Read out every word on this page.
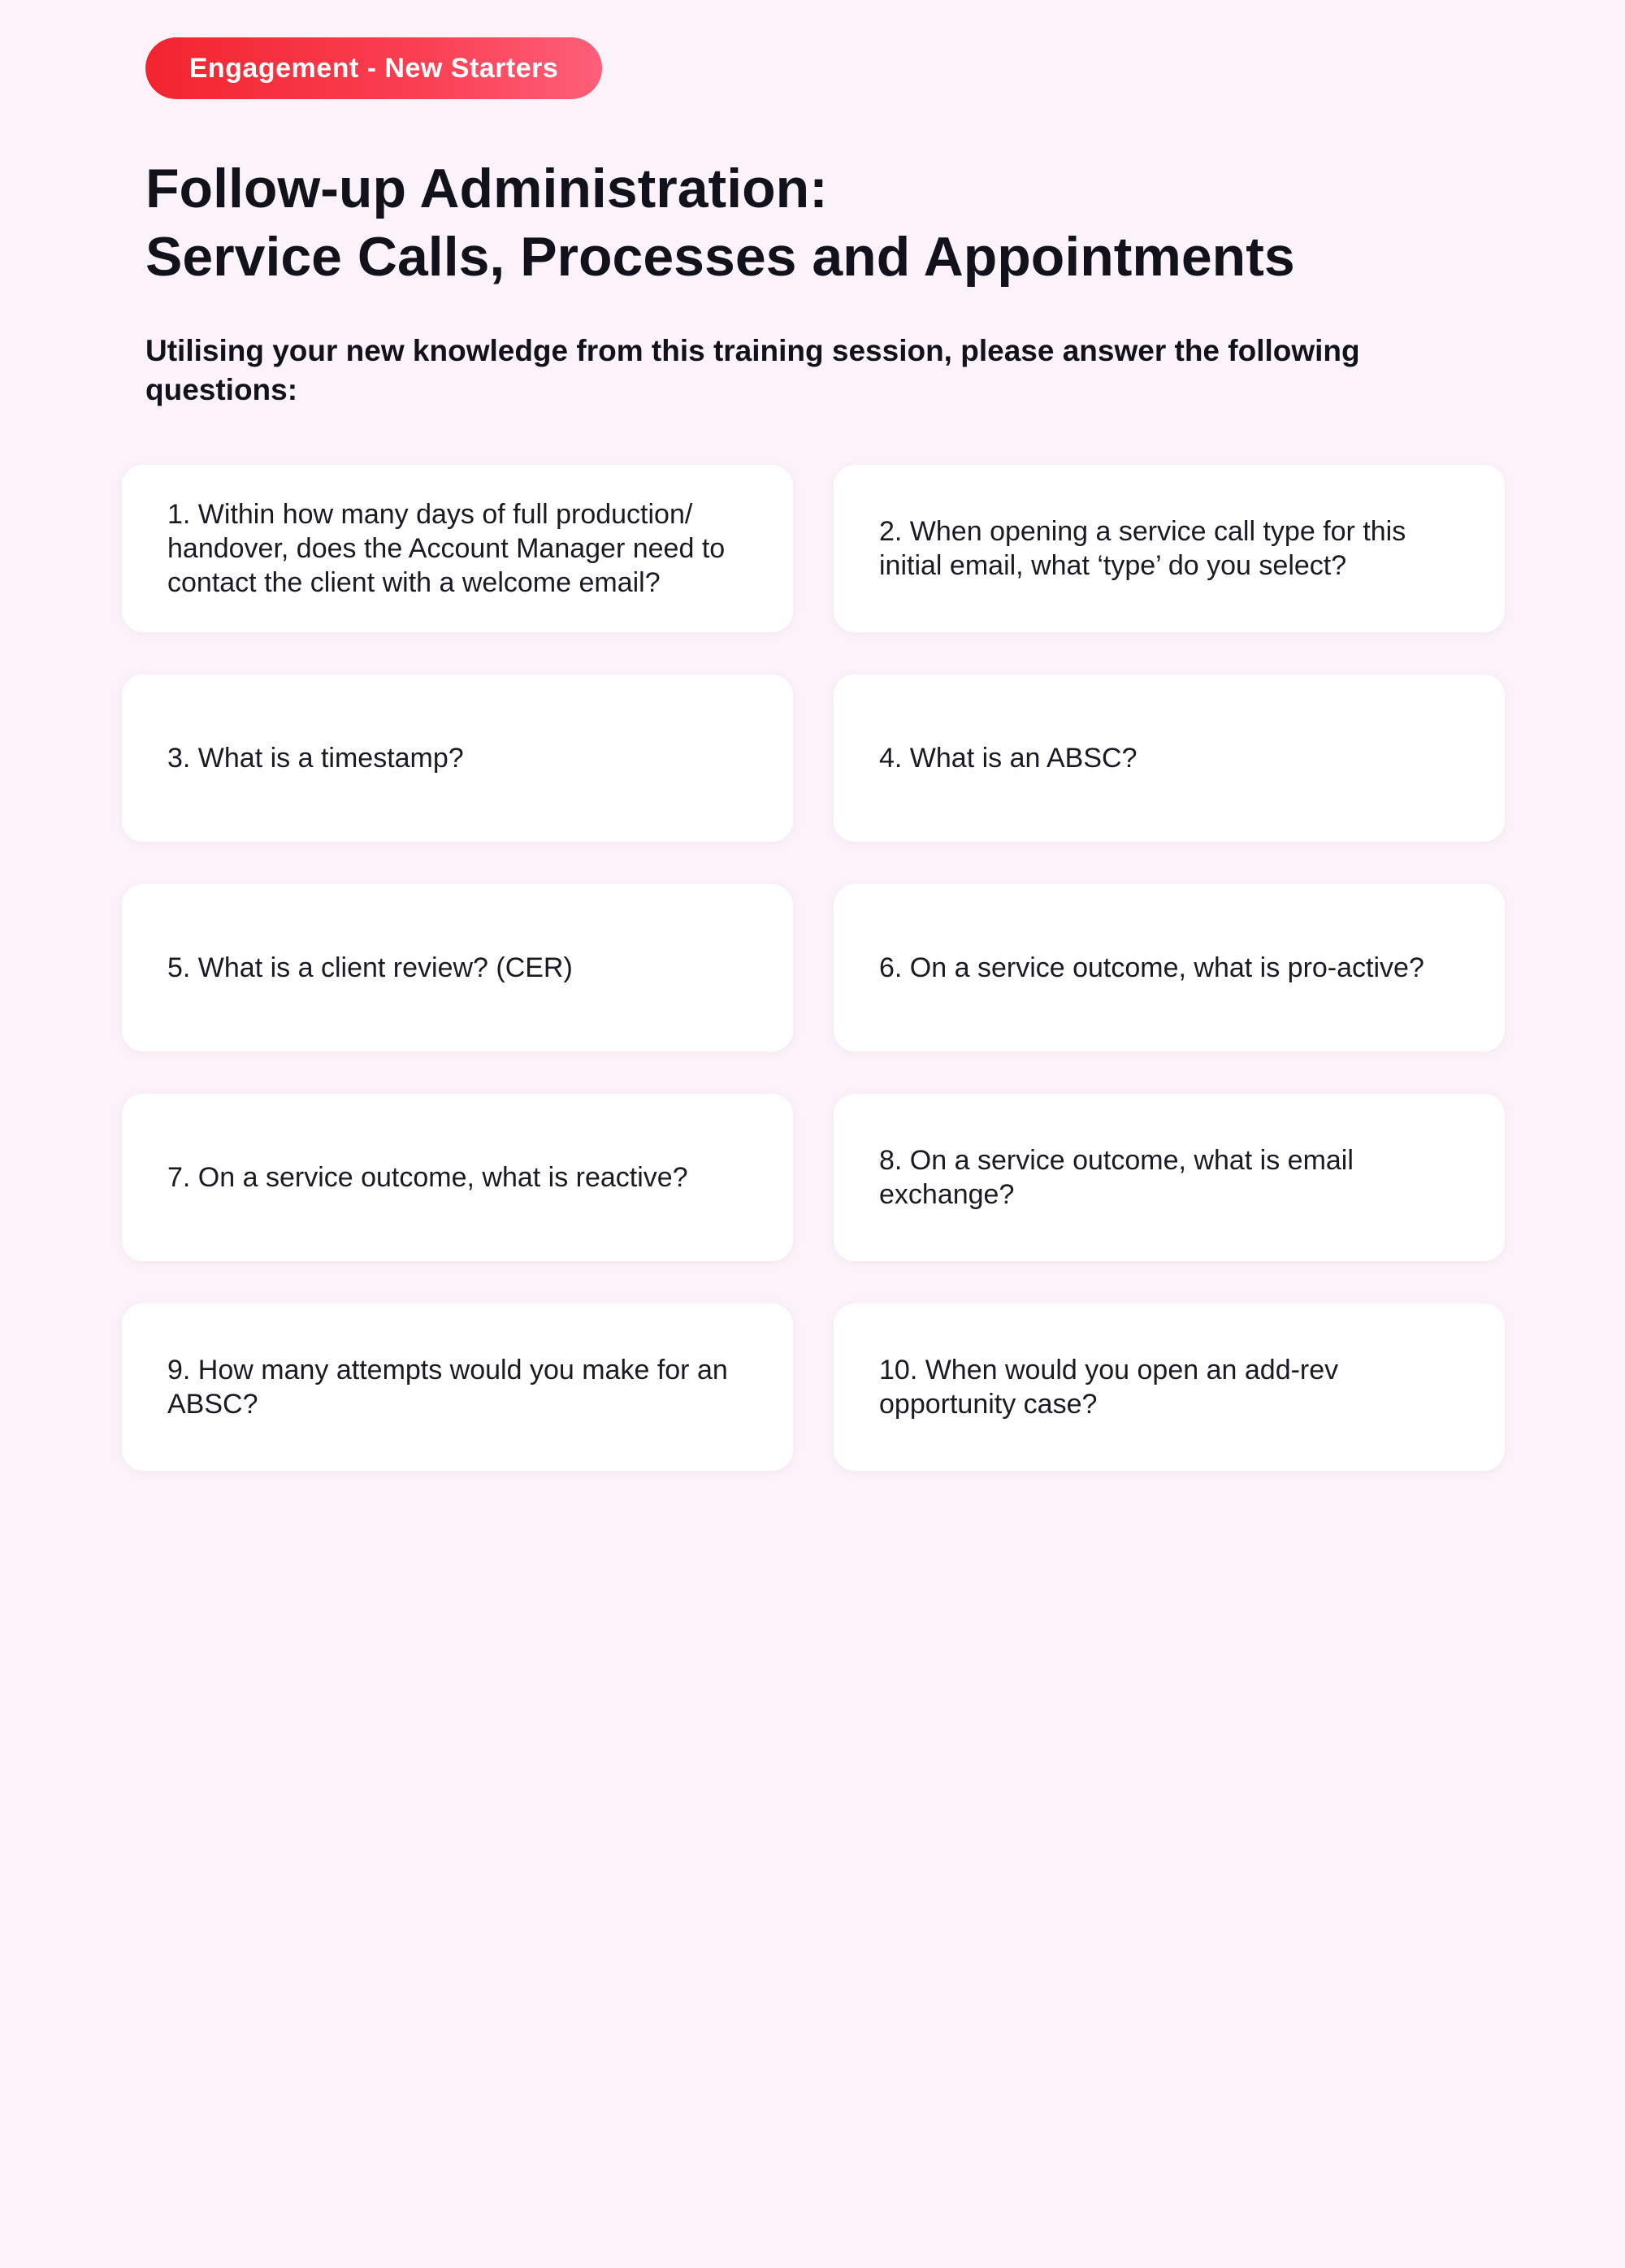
Engagement - New Starters
Follow-up Administration:
Service Calls, Processes and Appointments

Utilising your new knowledge from this training session, please answer the following questions:

1. Within how many days of full production/ handover, does the Account Manager need to contact the client with a welcome email?

2. When opening a service call type for this initial email, what ‘type’ do you select?

3. What is a timestamp?	4. What is an ABSC?

5. What is a client review? (CER)	6. On a service outcome, what is pro-active?

7. On a service outcome, what is reactive?

8. On a service outcome, what is email exchange?

9. How many attempts would you make for an ABSC?

10. When would you open an add-rev opportunity case?
